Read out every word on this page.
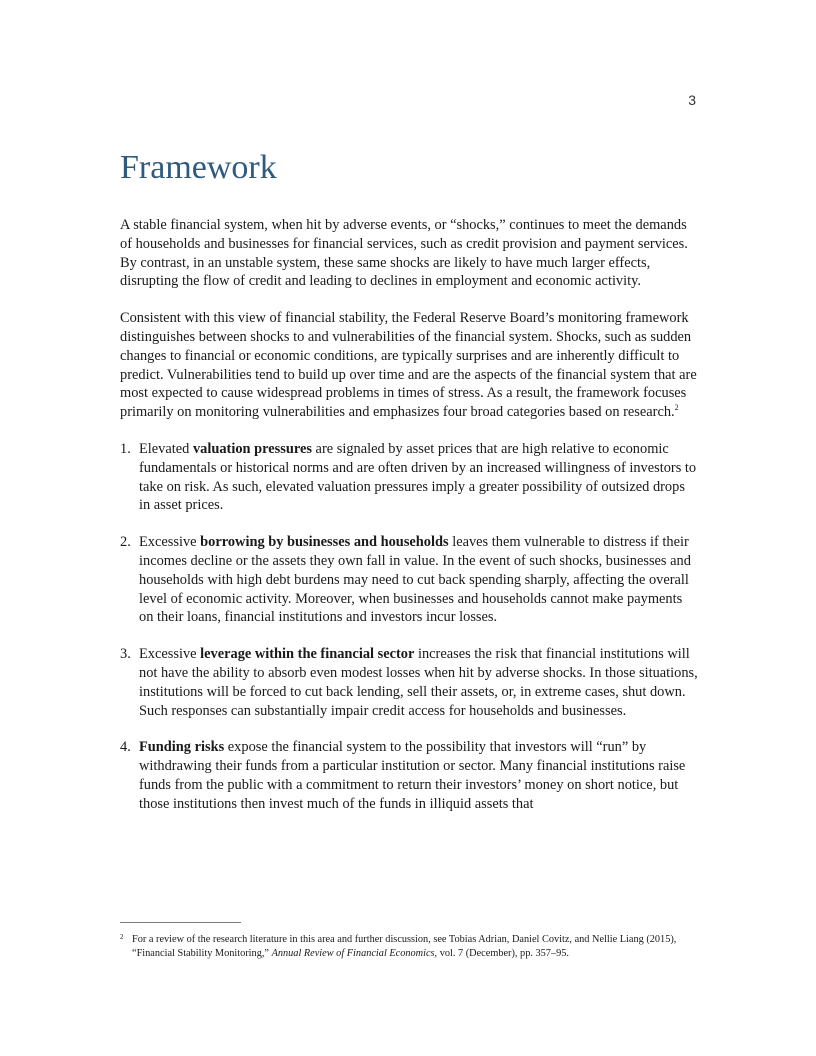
3
Framework

A stable financial system, when hit by adverse events, or “shocks,” continues to meet the demands of households and businesses for financial services, such as credit provision and payment services. By contrast, in an unstable system, these same shocks are likely to have much larger effects, disrupting the flow of credit and leading to declines in employment and economic activity.

Consistent with this view of financial stability, the Federal Reserve Board’s monitoring framework distinguishes between shocks to and vulnerabilities of the financial system. Shocks, such as sudden changes to financial or economic conditions, are typically surprises and are inherently difficult to predict. Vulnerabilities tend to build up over time and are the aspects of the financial system that are most expected to cause widespread problems in times of stress. As a result, the framework focuses primarily on monitoring vulnerabilities and emphasizes four broad categories based on research.$^2$

1. Elevated valuation pressures are signaled by asset prices that are high relative to economic fundamentals or historical norms and are often driven by an increased willingness of investors to take on risk. As such, elevated valuation pressures imply a greater possibility of outsized drops in asset prices.
2. Excessive borrowing by businesses and households leaves them vulnerable to distress if their incomes decline or the assets they own fall in value. In the event of such shocks, businesses and households with high debt burdens may need to cut back spending sharply, affecting the overall level of economic activity. Moreover, when businesses and households cannot make payments on their loans, financial institutions and investors incur losses.
3. Excessive leverage within the financial sector increases the risk that financial institutions will not have the ability to absorb even modest losses when hit by adverse shocks. In those situations, institutions will be forced to cut back lending, sell their assets, or, in extreme cases, shut down. Such responses can substantially impair credit access for households and businesses.
4. Funding risks expose the financial system to the possibility that investors will “run” by withdrawing their funds from a particular institution or sector. Many financial institutions raise funds from the public with a commitment to return their investors’ money on short notice, but those institutions then invest much of the funds in illiquid assets that
2 For a review of the research literature in this area and further discussion, see Tobias Adrian, Daniel Covitz, and Nellie Liang (2015), “Financial Stability Monitoring,” Annual Review of Financial Economics, vol. 7 (December), pp. 357–95.
